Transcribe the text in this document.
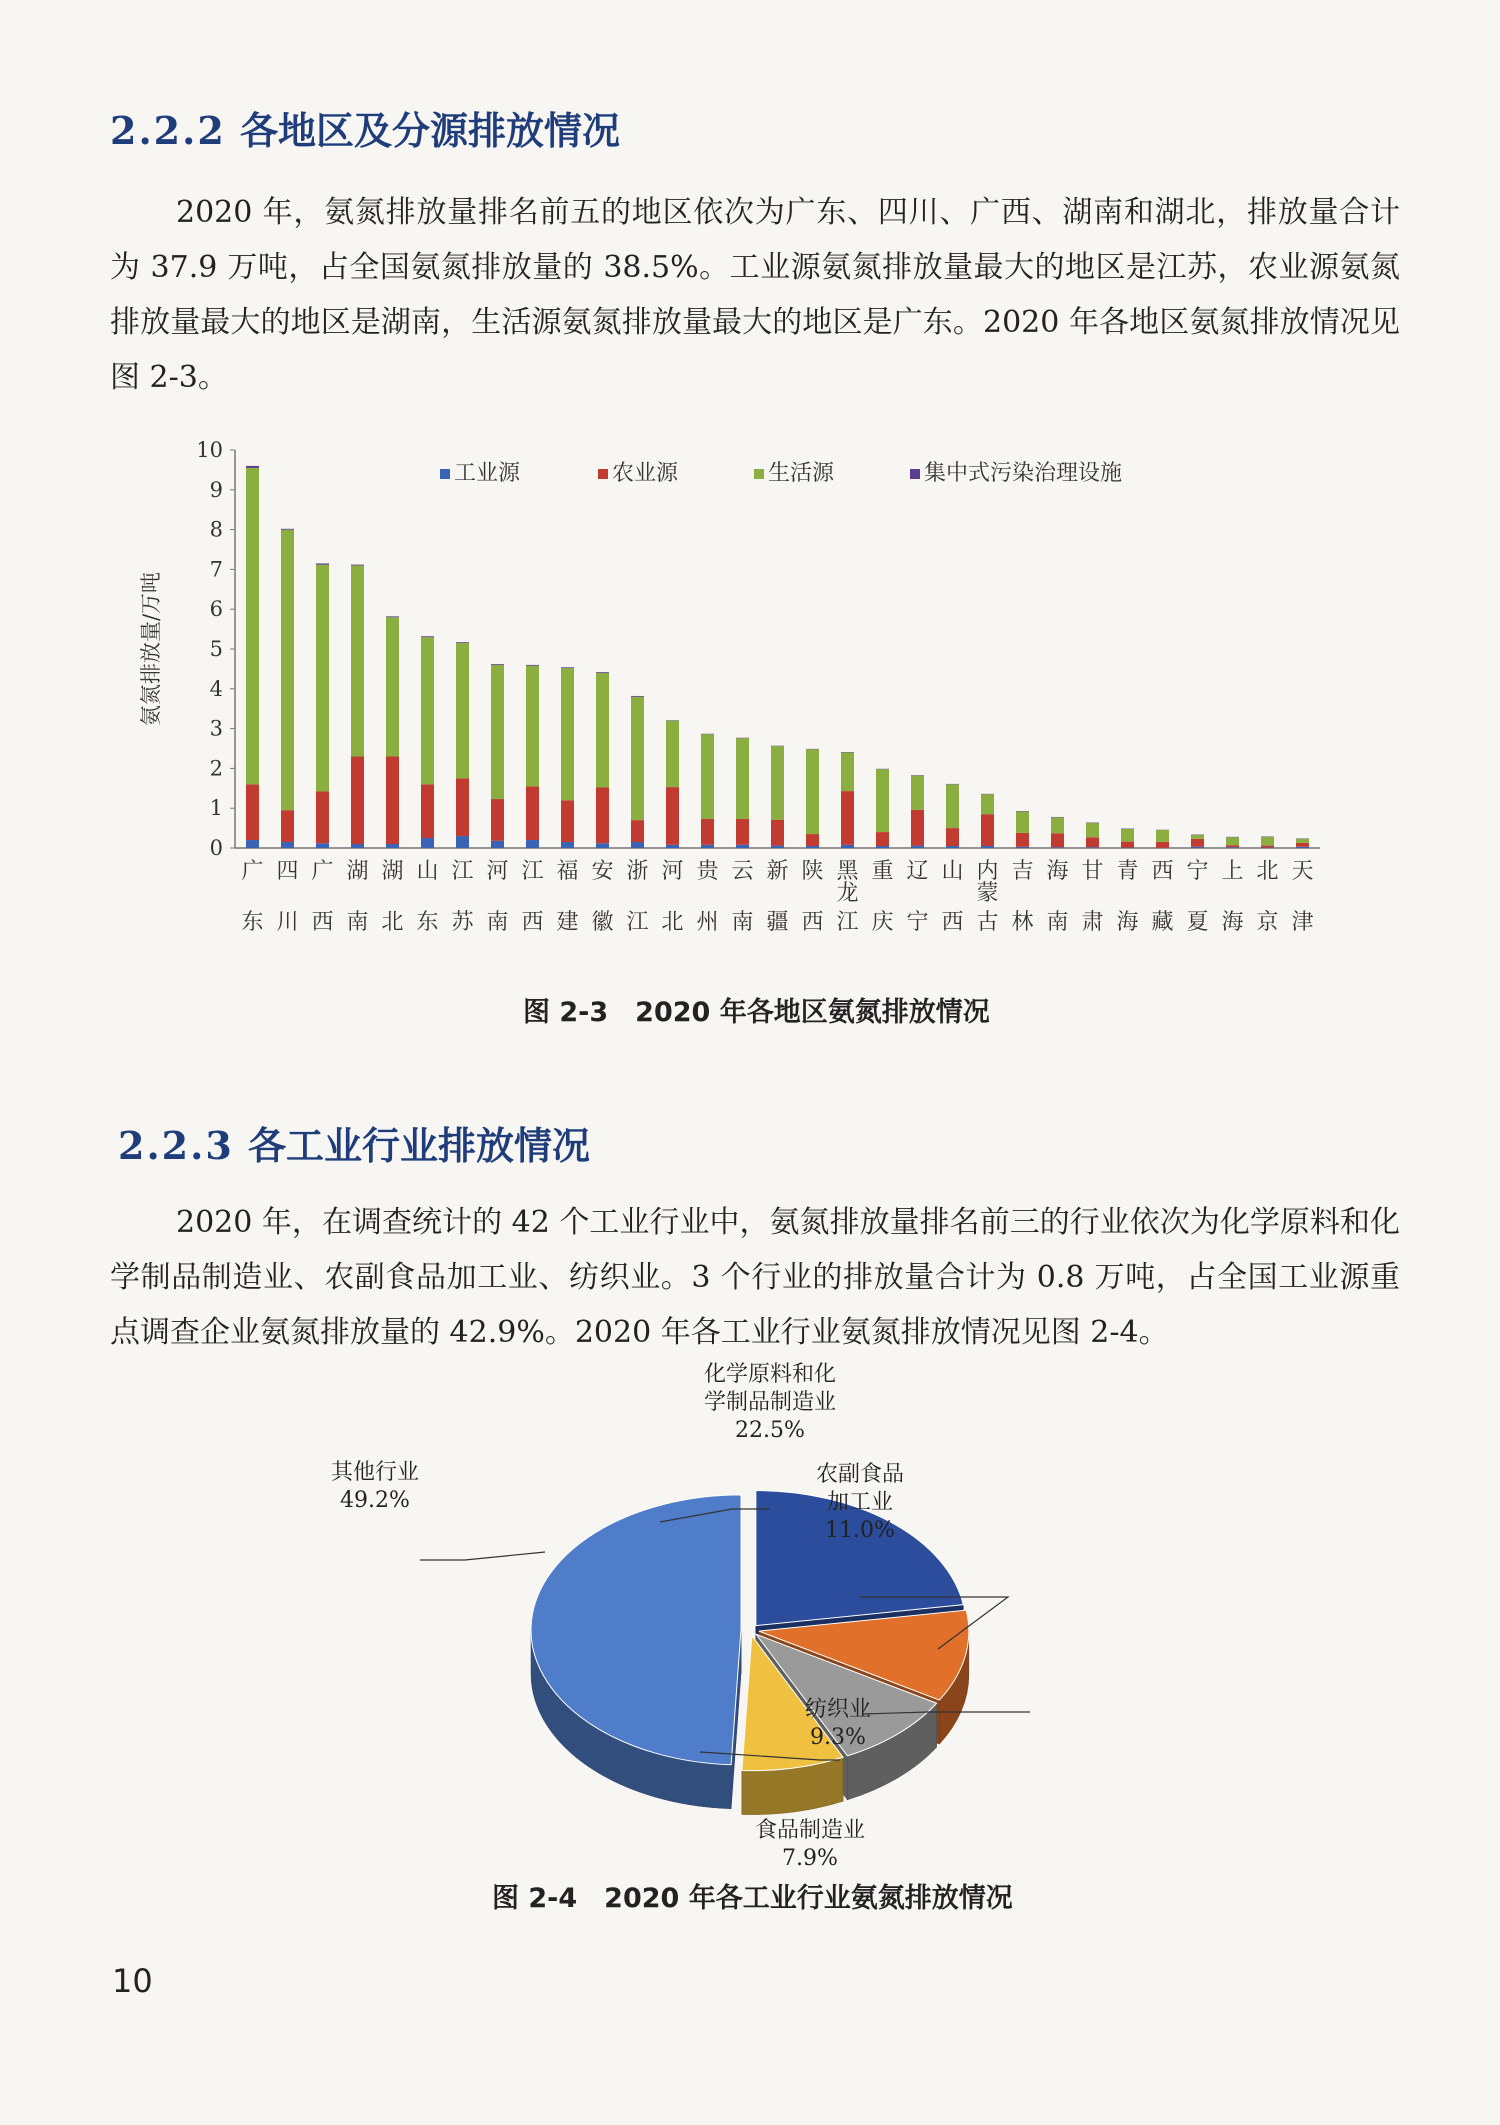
2.2.2 各地区及分源排放情况

2020 年，氨氮排放量排名前五的地区依次为广东、四川、广西、湖南和湖北，排放量合计为 37.9 万吨，占全国氨氮排放量的 38.5%。工业源氨氮排放量最大的地区是江苏，农业源氨氮排放量最大的地区是湖南，生活源氨氮排放量最大的地区是广东。2020 年各地区氨氮排放情况见图 2-3。

0
1
2
3
4
5
6
7
8
9
10
氨氮排放量/万吨
广
东
四
川
广
西
湖
南
湖
北
山
东
江
苏
河
南
江
西
福
建
安
徽
浙
江
河
北
贵
州
云
南
新
疆
陕
西
黑
龙
江
重
庆
辽
宁
山
西
内
蒙
古
吉
林
海
南
甘
肃
青
海
西
藏
宁
夏
上
海
北
京
天
津
工业源	农业源	生活源	集中式污染治理设施
图 2-3　2020 年各地区氨氮排放情况
2.2.3 各工业行业排放情况

2020 年，在调查统计的 42 个工业行业中，氨氮排放量排名前三的行业依次为化学原料和化学制品制造业、农副食品加工业、纺织业。3 个行业的排放量合计为 0.8 万吨，占全国工业源重点调查企业氨氮排放量的 42.9%。2020 年各工业行业氨氮排放情况见图 2-4。

化学原料和化
学制品制造业
22.5%
农副食品
加工业
11.0%
纺织业
9.3%
食品制造业
7.9%
其他行业
49.2%
图 2-4　2020 年各工业行业氨氮排放情况
10
